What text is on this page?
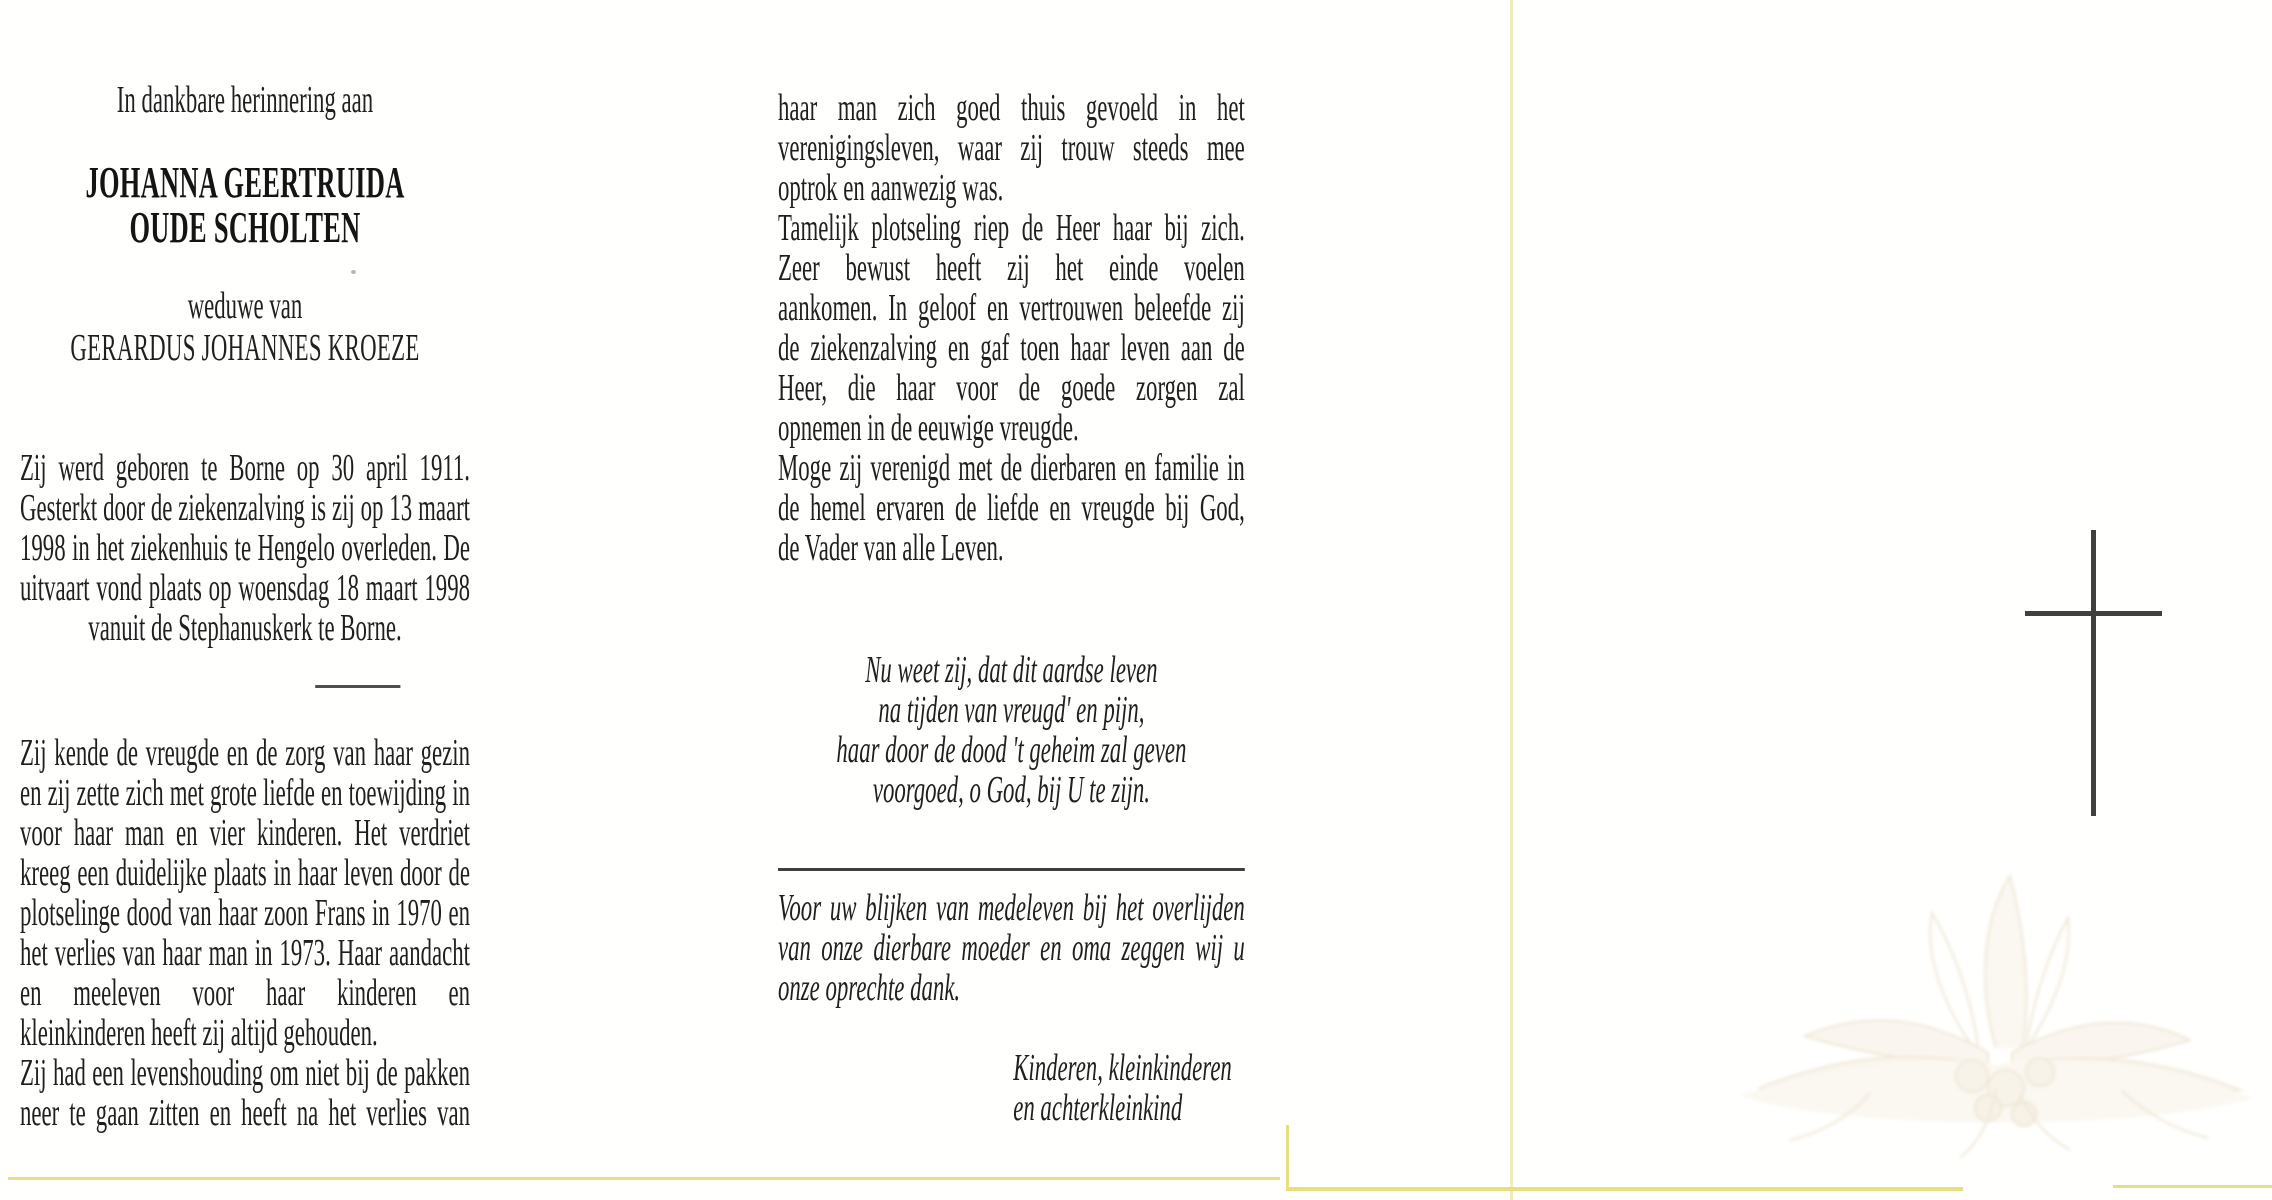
In dankbare herinnering aan
JOHANNA GEERTRUIDA
OUDE SCHOLTEN
weduwe van
GERARDUS JOHANNES KROEZE
Zij werd geboren te Borne op 30 april 1911.
Gesterkt door de ziekenzalving is zij op 13 maart
1998 in het ziekenhuis te Hengelo overleden. De
uitvaart vond plaats op woensdag 18 maart 1998
vanuit de Stephanuskerk te Borne.
Zij kende de vreugde en de zorg van haar gezin
en zij zette zich met grote liefde en toewijding in
voor haar man en vier kinderen. Het verdriet
kreeg een duidelijke plaats in haar leven door de
plotselinge dood van haar zoon Frans in 1970 en
het verlies van haar man in 1973. Haar aandacht
en meeleven voor haar kinderen en
kleinkinderen heeft zij altijd gehouden.
Zij had een levenshouding om niet bij de pakken
neer te gaan zitten en heeft na het verlies van
haar man zich goed thuis gevoeld in het
verenigingsleven, waar zij trouw steeds mee
optrok en aanwezig was.
Tamelijk plotseling riep de Heer haar bij zich.
Zeer bewust heeft zij het einde voelen
aankomen. In geloof en vertrouwen beleefde zij
de ziekenzalving en gaf toen haar leven aan de
Heer, die haar voor de goede zorgen zal
opnemen in de eeuwige vreugde.
Moge zij verenigd met de dierbaren en familie in
de hemel ervaren de liefde en vreugde bij God,
de Vader van alle Leven.
Nu weet zij, dat dit aardse leven
na tijden van vreugd' en pijn,
haar door de dood 't geheim zal geven
voorgoed, o God, bij U te zijn.
Voor uw blijken van medeleven bij het overlijden
van onze dierbare moeder en oma zeggen wij u
onze oprechte dank.
Kinderen, kleinkinderen
en achterkleinkind
